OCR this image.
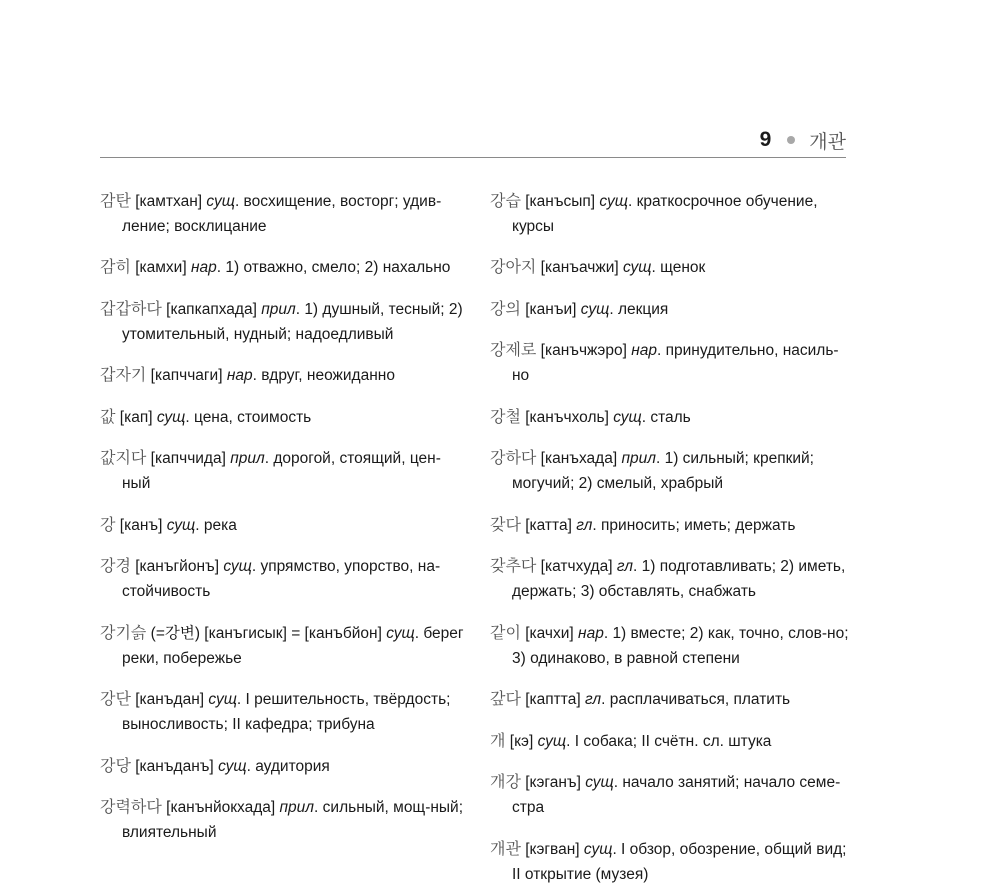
9 개관

감탄 [камтхан] сущ. восхищение, восторг; удив-ление; восклицание

감히 [камхи] нар. 1) отважно, смело; 2) нахально

갑갑하다 [капкапхада] прил. 1) душный, тесный; 2) утомительный, нудный; надоедливый

갑자기 [капччаги] нар. вдруг, неожиданно

값 [кап] сущ. цена, стоимость

값지다 [капччида] прил. дорогой, стоящий, цен-ный

강 [канъ] сущ. река

강경 [канъгйонъ] сущ. упрямство, упорство, на-стойчивость

강기슭 (=강변) [канъгисык] = [канъбйон] сущ. берег реки, побережье

강단 [канъдан] сущ. I решительность, твёрдость; выносливость; II кафедра; трибуна

강당 [канъданъ] сущ. аудитория

강력하다 [канънйокхада] прил. сильный, мощ-ный; влиятельный

강습 [канъсып] сущ. краткосрочное обучение, курсы

강아지 [канъачжи] сущ. щенок

강의 [канъи] сущ. лекция

강제로 [канъчжэро] нар. принудительно, насиль-но

강철 [канъчхоль] сущ. сталь

강하다 [канъхада] прил. 1) сильный; крепкий; могучий; 2) смелый, храбрый

갖다 [катта] гл. приносить; иметь; держать

갖추다 [катчхуда] гл. 1) подготавливать; 2) иметь, держать; 3) обставлять, снабжать

같이 [качхи] нар. 1) вместе; 2) как, точно, слов-но; 3) одинаково, в равной степени

갚다 [каптта] гл. расплачиваться, платить

개 [кэ] сущ. I собака; II счётн. сл. штука

개강 [кэганъ] сущ. начало занятий; начало семе-стра

개관 [кэгван] сущ. I обзор, обозрение, общий вид; II открытие (музея)
